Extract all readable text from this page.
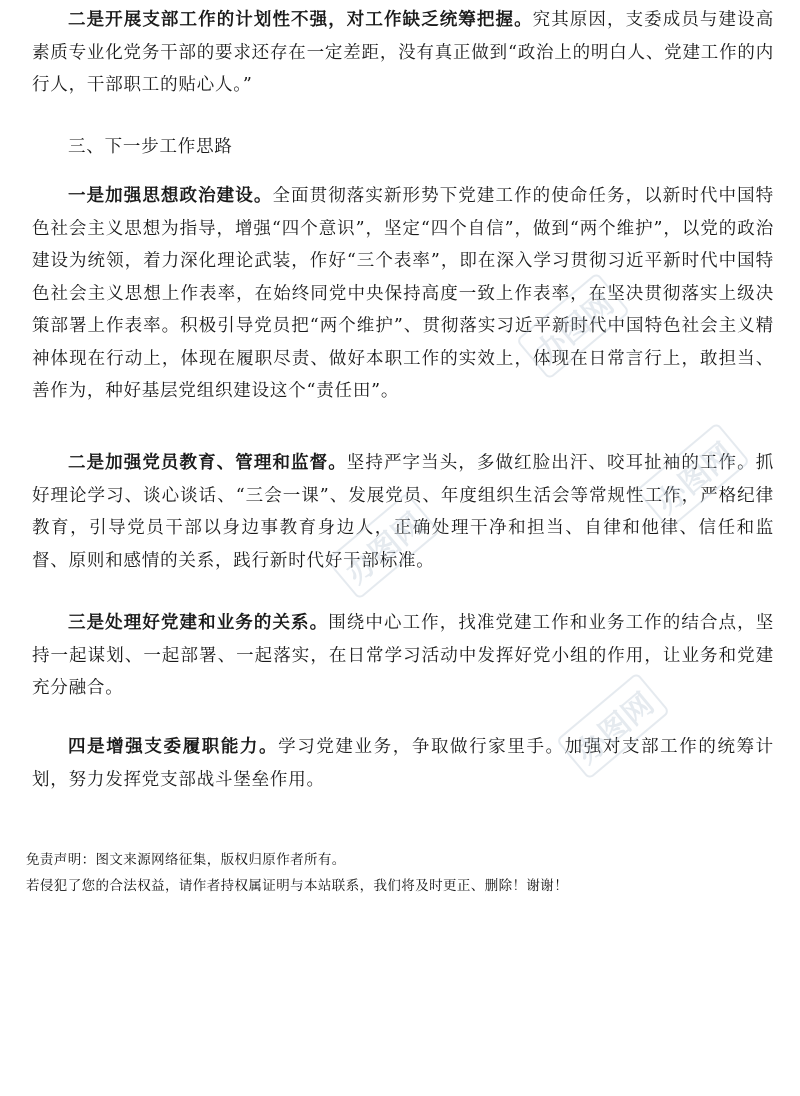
二是开展支部工作的计划性不强，对工作缺乏统筹把握。究其原因，支委成员与建设高素质专业化党务干部的要求还存在一定差距，没有真正做到“政治上的明白人、党建工作的内行人，干部职工的贴心人。”

三、下一步工作思路

一是加强思想政治建设。全面贯彻落实新形势下党建工作的使命任务，以新时代中国特色社会主义思想为指导，增强“四个意识”，坚定“四个自信”，做到“两个维护”，以党的政治建设为统领，着力深化理论武装，作好“三个表率”，即在深入学习贯彻习近平新时代中国特色社会主义思想上作表率，在始终同党中央保持高度一致上作表率，在坚决贯彻落实上级决策部署上作表率。积极引导党员把“两个维护”、贯彻落实习近平新时代中国特色社会主义精神体现在行动上，体现在履职尽责、做好本职工作的实效上，体现在日常言行上，敢担当、善作为，种好基层党组织建设这个“责任田”。

二是加强党员教育、管理和监督。坚持严字当头，多做红脸出汗、咬耳扯袖的工作。抓好理论学习、谈心谈话、“三会一课”、发展党员、年度组织生活会等常规性工作，严格纪律教育，引导党员干部以身边事教育身边人，正确处理干净和担当、自律和他律、信任和监督、原则和感情的关系，践行新时代好干部标准。

三是处理好党建和业务的关系。围绕中心工作，找准党建工作和业务工作的结合点，坚持一起谋划、一起部署、一起落实，在日常学习活动中发挥好党小组的作用，让业务和党建充分融合。

四是增强支委履职能力。学习党建业务，争取做行家里手。加强对支部工作的统筹计划，努力发挥党支部战斗堡垒作用。

免责声明：图文来源网络征集，版权归原作者所有。

若侵犯了您的合法权益，请作者持权属证明与本站联系，我们将及时更正、删除！谢谢！

办图网
办图网
办图网
办图网
